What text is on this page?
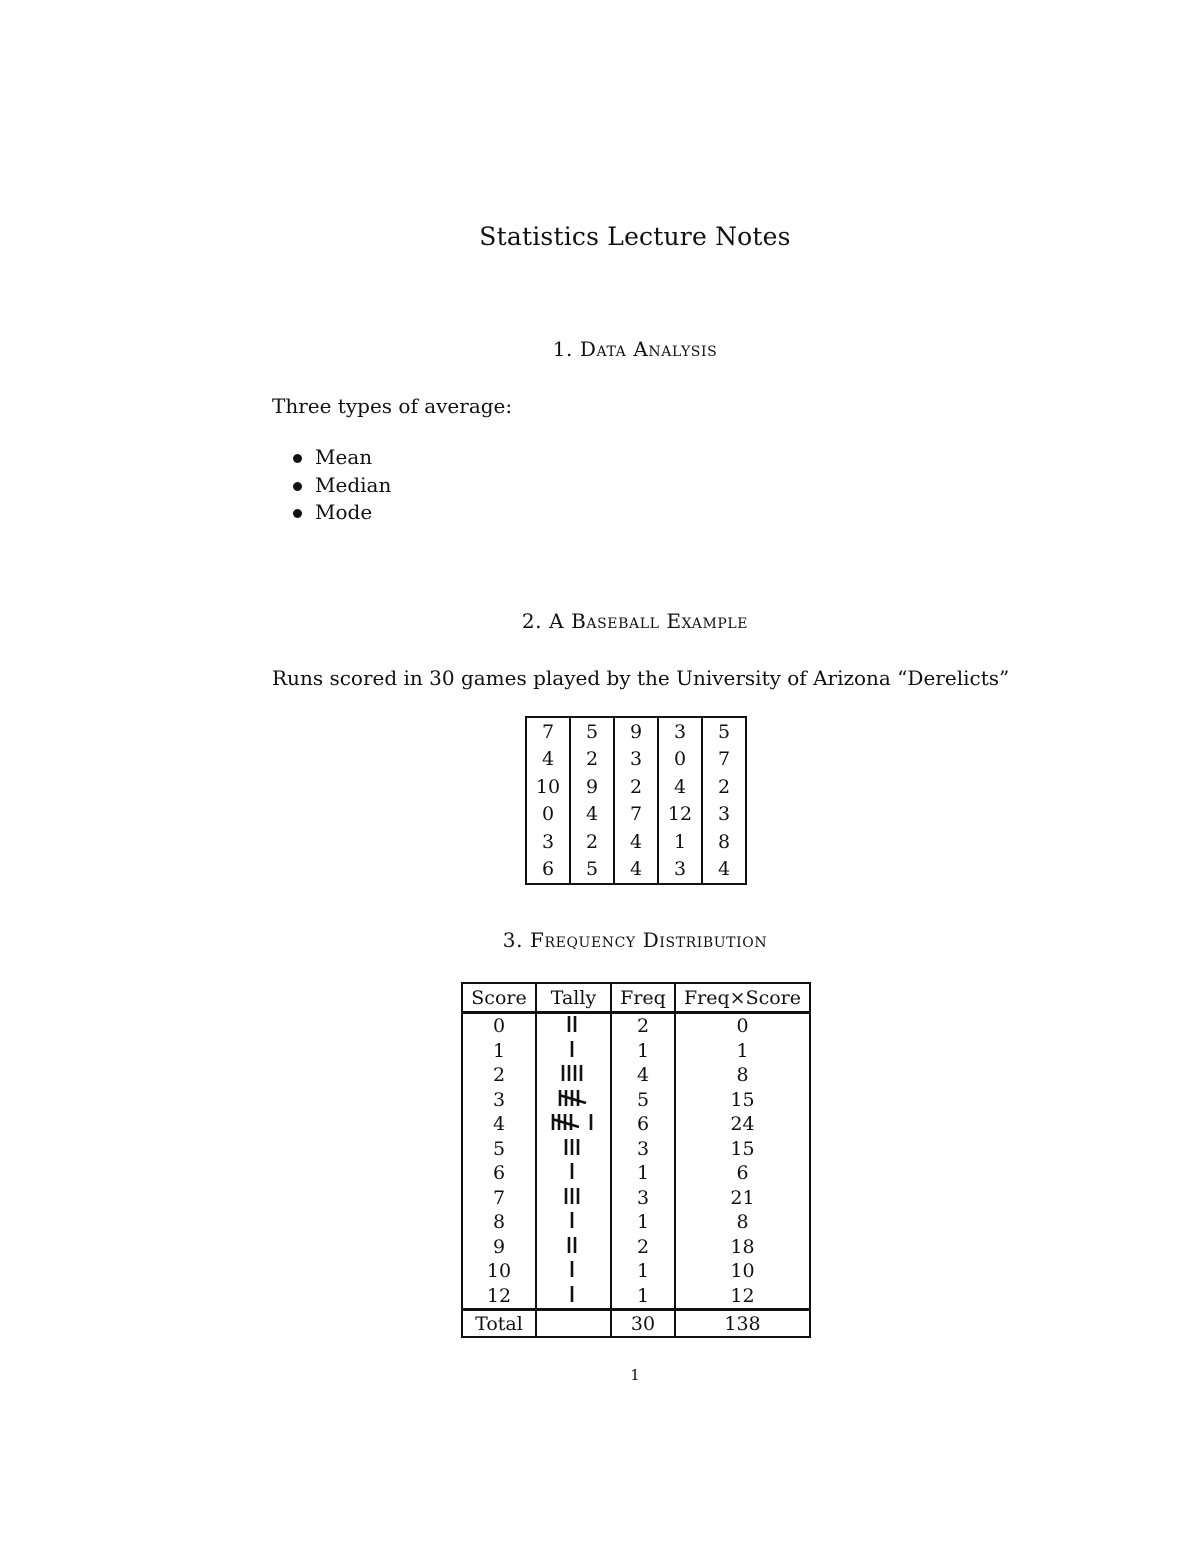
Statistics Lecture Notes
1. Data Analysis
Three types of average:
Mean
Median
Mode
2. A Baseball Example
Runs scored in 30 games played by the University of Arizona “Derelicts”
7	5	9	3	5
4	2	3	0	7
10	9	2	4	2
0	4	7	12	3
3	2	4	1	8
6	5	4	3	4
3. Frequency Distribution
Score	Tally	Freq	Freq×Score
0		2	0
1		1	1
2		4	8
3		5	15
4		6	24
5		3	15
6		1	6
7		3	21
8		1	8
9		2	18
10		1	10
12		1	12
Total		30	138
1
